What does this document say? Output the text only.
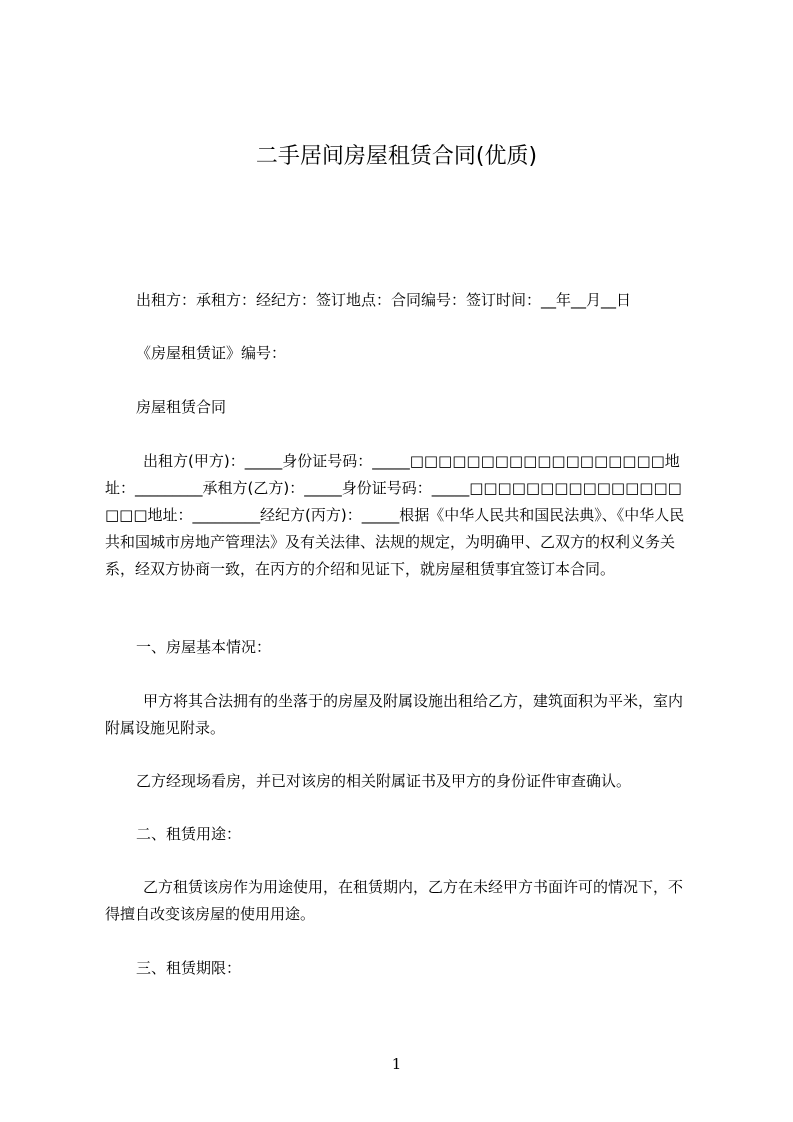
二手居间房屋租赁合同(优质)
出租方：承租方：经纪方：签订地点：合同编号：签订时间：__年__月__日
《房屋租赁证》编号：
房屋租赁合同
出租方(甲方)：_____身份证号码：_____□□□□□□□□□□□□□□□□□□地址：_________承租方(乙方)：_____身份证号码：_____□□□□□□□□□□□□□□□□□□地址：_________经纪方(丙方)：_____根据《中华人民共和国民法典》、《中华人民共和国城市房地产管理法》及有关法律、法规的规定，为明确甲、乙双方的权利义务关系，经双方协商一致，在丙方的介绍和见证下，就房屋租赁事宜签订本合同。
一、房屋基本情况：
甲方将其合法拥有的坐落于的房屋及附属设施出租给乙方，建筑面积为平米，室内附属设施见附录。
乙方经现场看房，并已对该房的相关附属证书及甲方的身份证件审查确认。
二、租赁用途：
乙方租赁该房作为用途使用，在租赁期内，乙方在未经甲方书面许可的情况下，不得擅自改变该房屋的使用用途。
三、租赁期限：
1
